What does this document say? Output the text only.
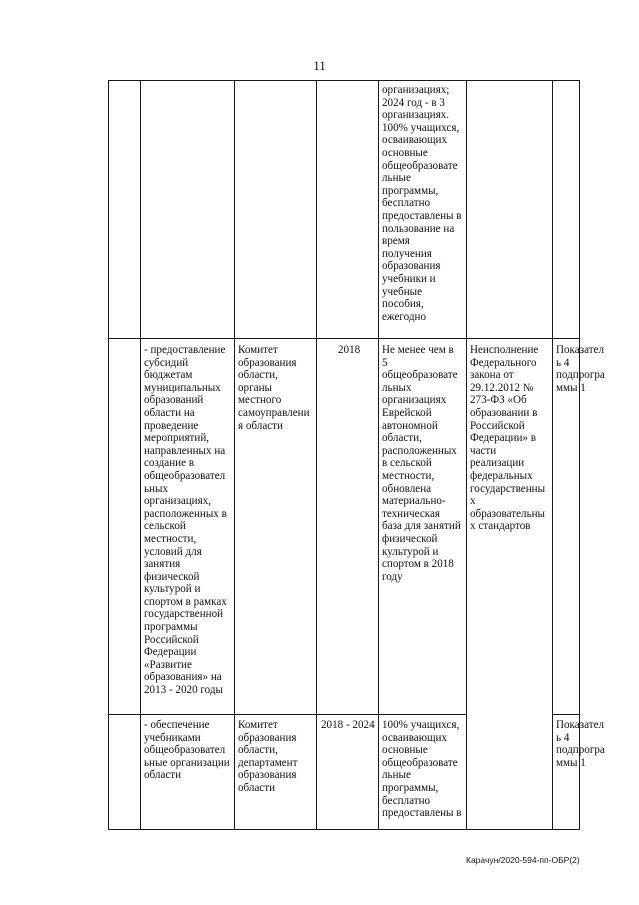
11
организациях;
2024 год - в 3
организациях.
100% учащихся,
осваивающих
основные
общеобразовате
льные
программы,
бесплатно
предоставлены в
пользование на
время
получения
образования
учебники и
учебные
пособия,
ежегодно
- предоставление
субсидий
бюджетам
муниципальных
образований
области на
проведение
мероприятий,
направленных на
создание в
общеобразовател
ьных
организациях,
расположенных в
сельской
местности,
условий для
занятия
физической
культурой и
спортом в рамках
государственной
программы
Российской
Федерации
«Развитие
образования» на
2013 - 2020 годы
Комитет
образования
области,
органы
местного
самоуправлени
я области
2018 Не менее чем в
5
общеобразовате
льных
организациях
Еврейской
автономной
области,
расположенных
в сельской
местности,
обновлена
материально-
техническая
база для занятий
физической
культурой и
спортом в 2018
году
Неисполнение
Федерального
закона от
29.12.2012 №
273-ФЗ «Об
образовании в
Российской
Федерации» в
части
реализации
федеральных
государственны
х
образовательны
х стандартов
Показател
ь 4
подпрогра
ммы 1
- обеспечение
учебниками
общеобразовател
ьные организации
области
Комитет
образования
области,
департамент
образования
области
2018 - 2024 100% учащихся,
осваивающих
основные
общеобразовате
льные
программы,
бесплатно
предоставлены в
Показател
ь 4
подпрогра
ммы 1
Карачун/2020-594-пп-ОБР(2)
